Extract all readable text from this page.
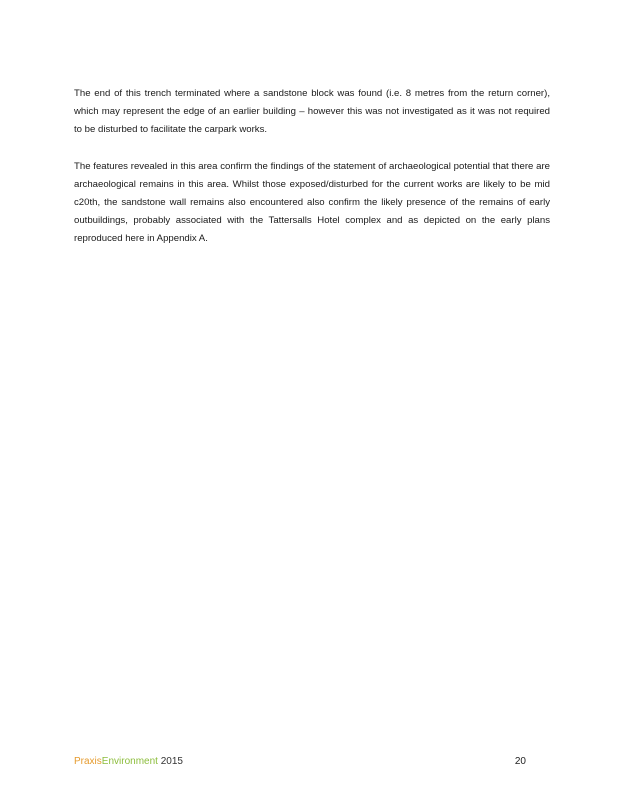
The end of this trench terminated where a sandstone block was found (i.e. 8 metres from the return corner), which may represent the edge of an earlier building – however this was not investigated as it was not required to be disturbed to facilitate the carpark works.

The features revealed in this area confirm the findings of the statement of archaeological potential that there are archaeological remains in this area. Whilst those exposed/disturbed for the current works are likely to be mid c20th, the sandstone wall remains also encountered also confirm the likely presence of the remains of early outbuildings, probably associated with the Tattersalls Hotel complex and as depicted on the early plans reproduced here in Appendix A.

PraxisEnvironment 2015	20
